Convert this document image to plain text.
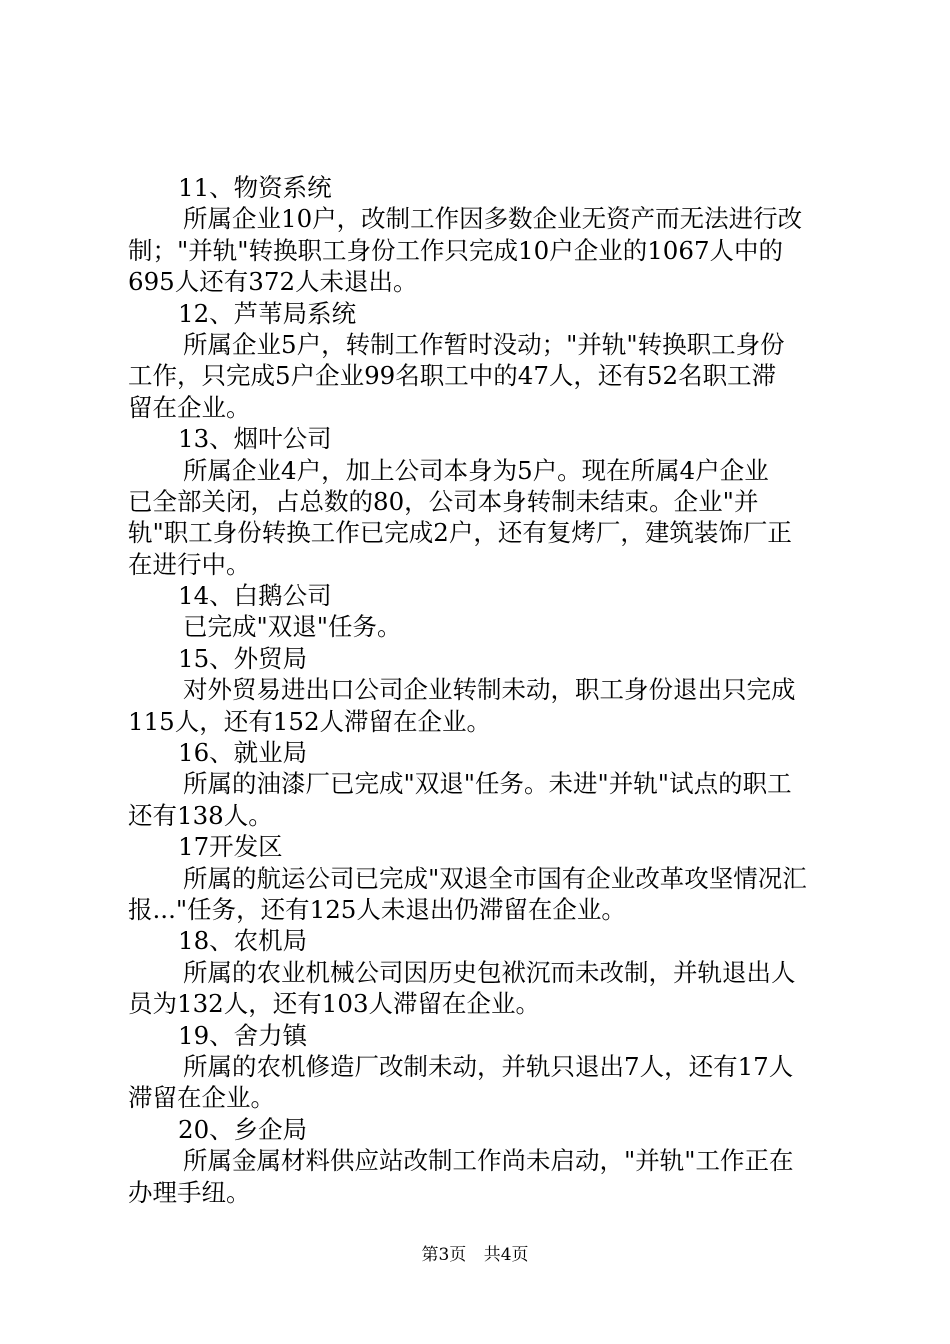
11、物资系统
所属企业10户，改制工作因多数企业无资产而无法进行改
制；"并轨"转换职工身份工作只完成10户企业的1067人中的
695人还有372人未退出。
12、芦苇局系统
所属企业5户，转制工作暂时没动；"并轨"转换职工身份
工作，只完成5户企业99名职工中的47人，还有52名职工滞
留在企业。
13、烟叶公司
所属企业4户，加上公司本身为5户。现在所属4户企业
已全部关闭，占总数的80，公司本身转制未结束。企业"并
轨"职工身份转换工作已完成2户，还有复烤厂，建筑装饰厂正
在进行中。
14、白鹅公司
已完成"双退"任务。
15、外贸局
对外贸易进出口公司企业转制未动，职工身份退出只完成
115人，还有152人滞留在企业。
16、就业局
所属的油漆厂已完成"双退"任务。未进"并轨"试点的职工
还有138人。
17开发区
所属的航运公司已完成"双退全市国有企业改革攻坚情况汇
报..."任务，还有125人未退出仍滞留在企业。
18、农机局
所属的农业机械公司因历史包袱沉而未改制，并轨退出人
员为132人，还有103人滞留在企业。
19、舍力镇
所属的农机修造厂改制未动，并轨只退出7人，还有17人
滞留在企业。
20、乡企局
所属金属材料供应站改制工作尚未启动，"并轨"工作正在
办理手纽。
第3页 共4页
